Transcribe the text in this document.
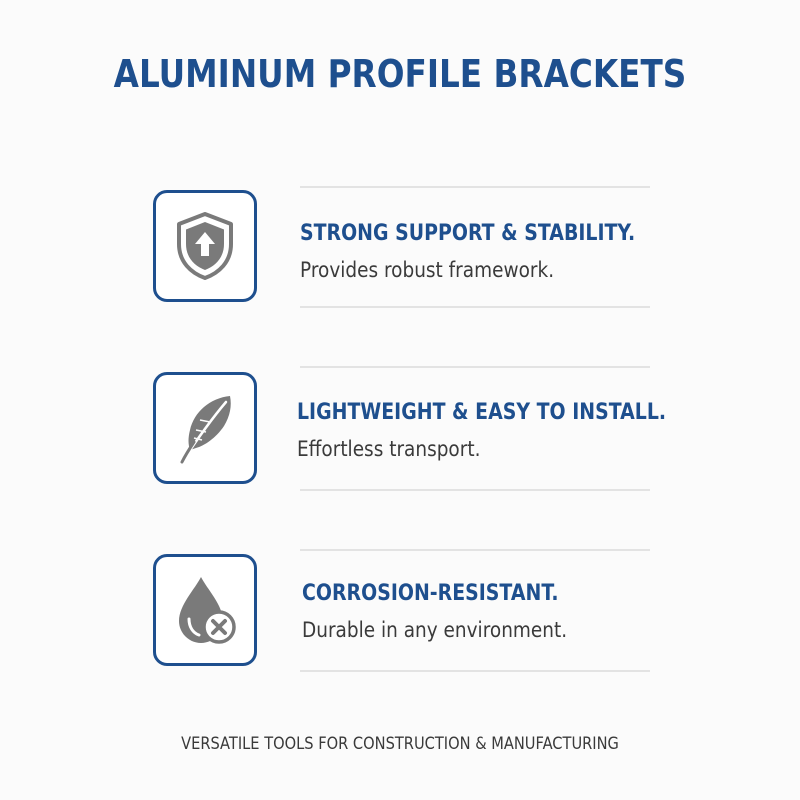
ALUMINUM PROFILE BRACKETS
STRONG SUPPORT & STABILITY.
Provides robust framework.
LIGHTWEIGHT & EASY TO INSTALL.
Effortless transport.
CORROSION-RESISTANT.
Durable in any environment.
VERSATILE TOOLS FOR CONSTRUCTION & MANUFACTURING
